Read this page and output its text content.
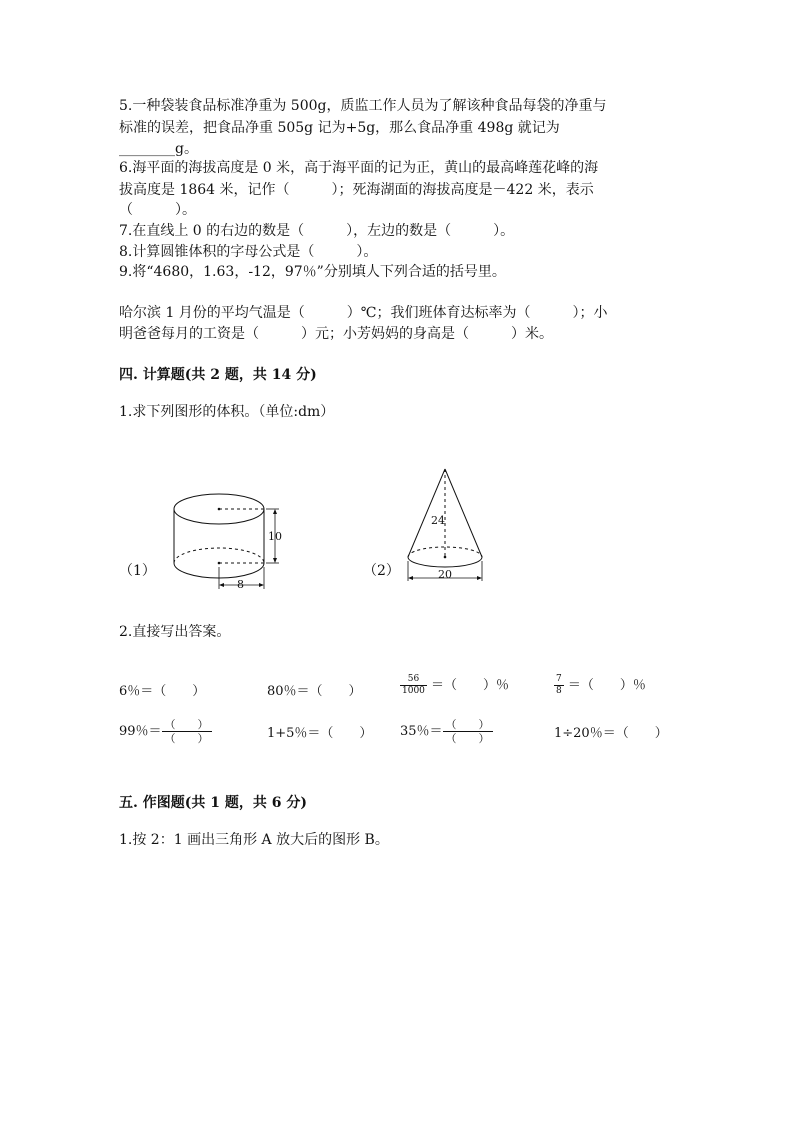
5.一种袋装食品标准净重为 500g，质监工作人员为了解该种食品每袋的净重与
标准的误差，把食品净重 505g 记为+5g，那么食品净重 498g 就记为
________g。
6.海平面的海拔高度是 0 米，高于海平面的记为正，黄山的最高峰莲花峰的海
拔高度是 1864 米，记作（　　　）；死海湖面的海拔高度是－422 米，表示
（　　　）。
7.在直线上 0 的右边的数是（　　　），左边的数是（　　　）。
8.计算圆锥体积的字母公式是（　　　）。
9.将“4680，1.63，-12，97％”分别填人下列合适的括号里。
哈尔滨 1 月份的平均气温是（　　　）℃；我们班体育达标率为（　　　）；小
明爸爸每月的工资是（　　　）元；小芳妈妈的身高是（　　　）米。
四. 计算题(共 2 题，共 14 分)
1.求下列图形的体积。（单位:dm）
（1）
10
8
（2）
24
20
2.直接写出答案。
6％＝（　　）	80％＝（　　）	$\frac{56}{1000}$ ＝（　　）％	$\frac{7}{8}$ ＝（　　）％
99％＝ $\frac{( )}{( )}$	1+5％＝（　　） 35％＝ $\frac{( )}{( )}$	1÷20％＝（　　）
五. 作图题(共 1 题，共 6 分)
1.按 2：1 画出三角形 A 放大后的图形 B。
